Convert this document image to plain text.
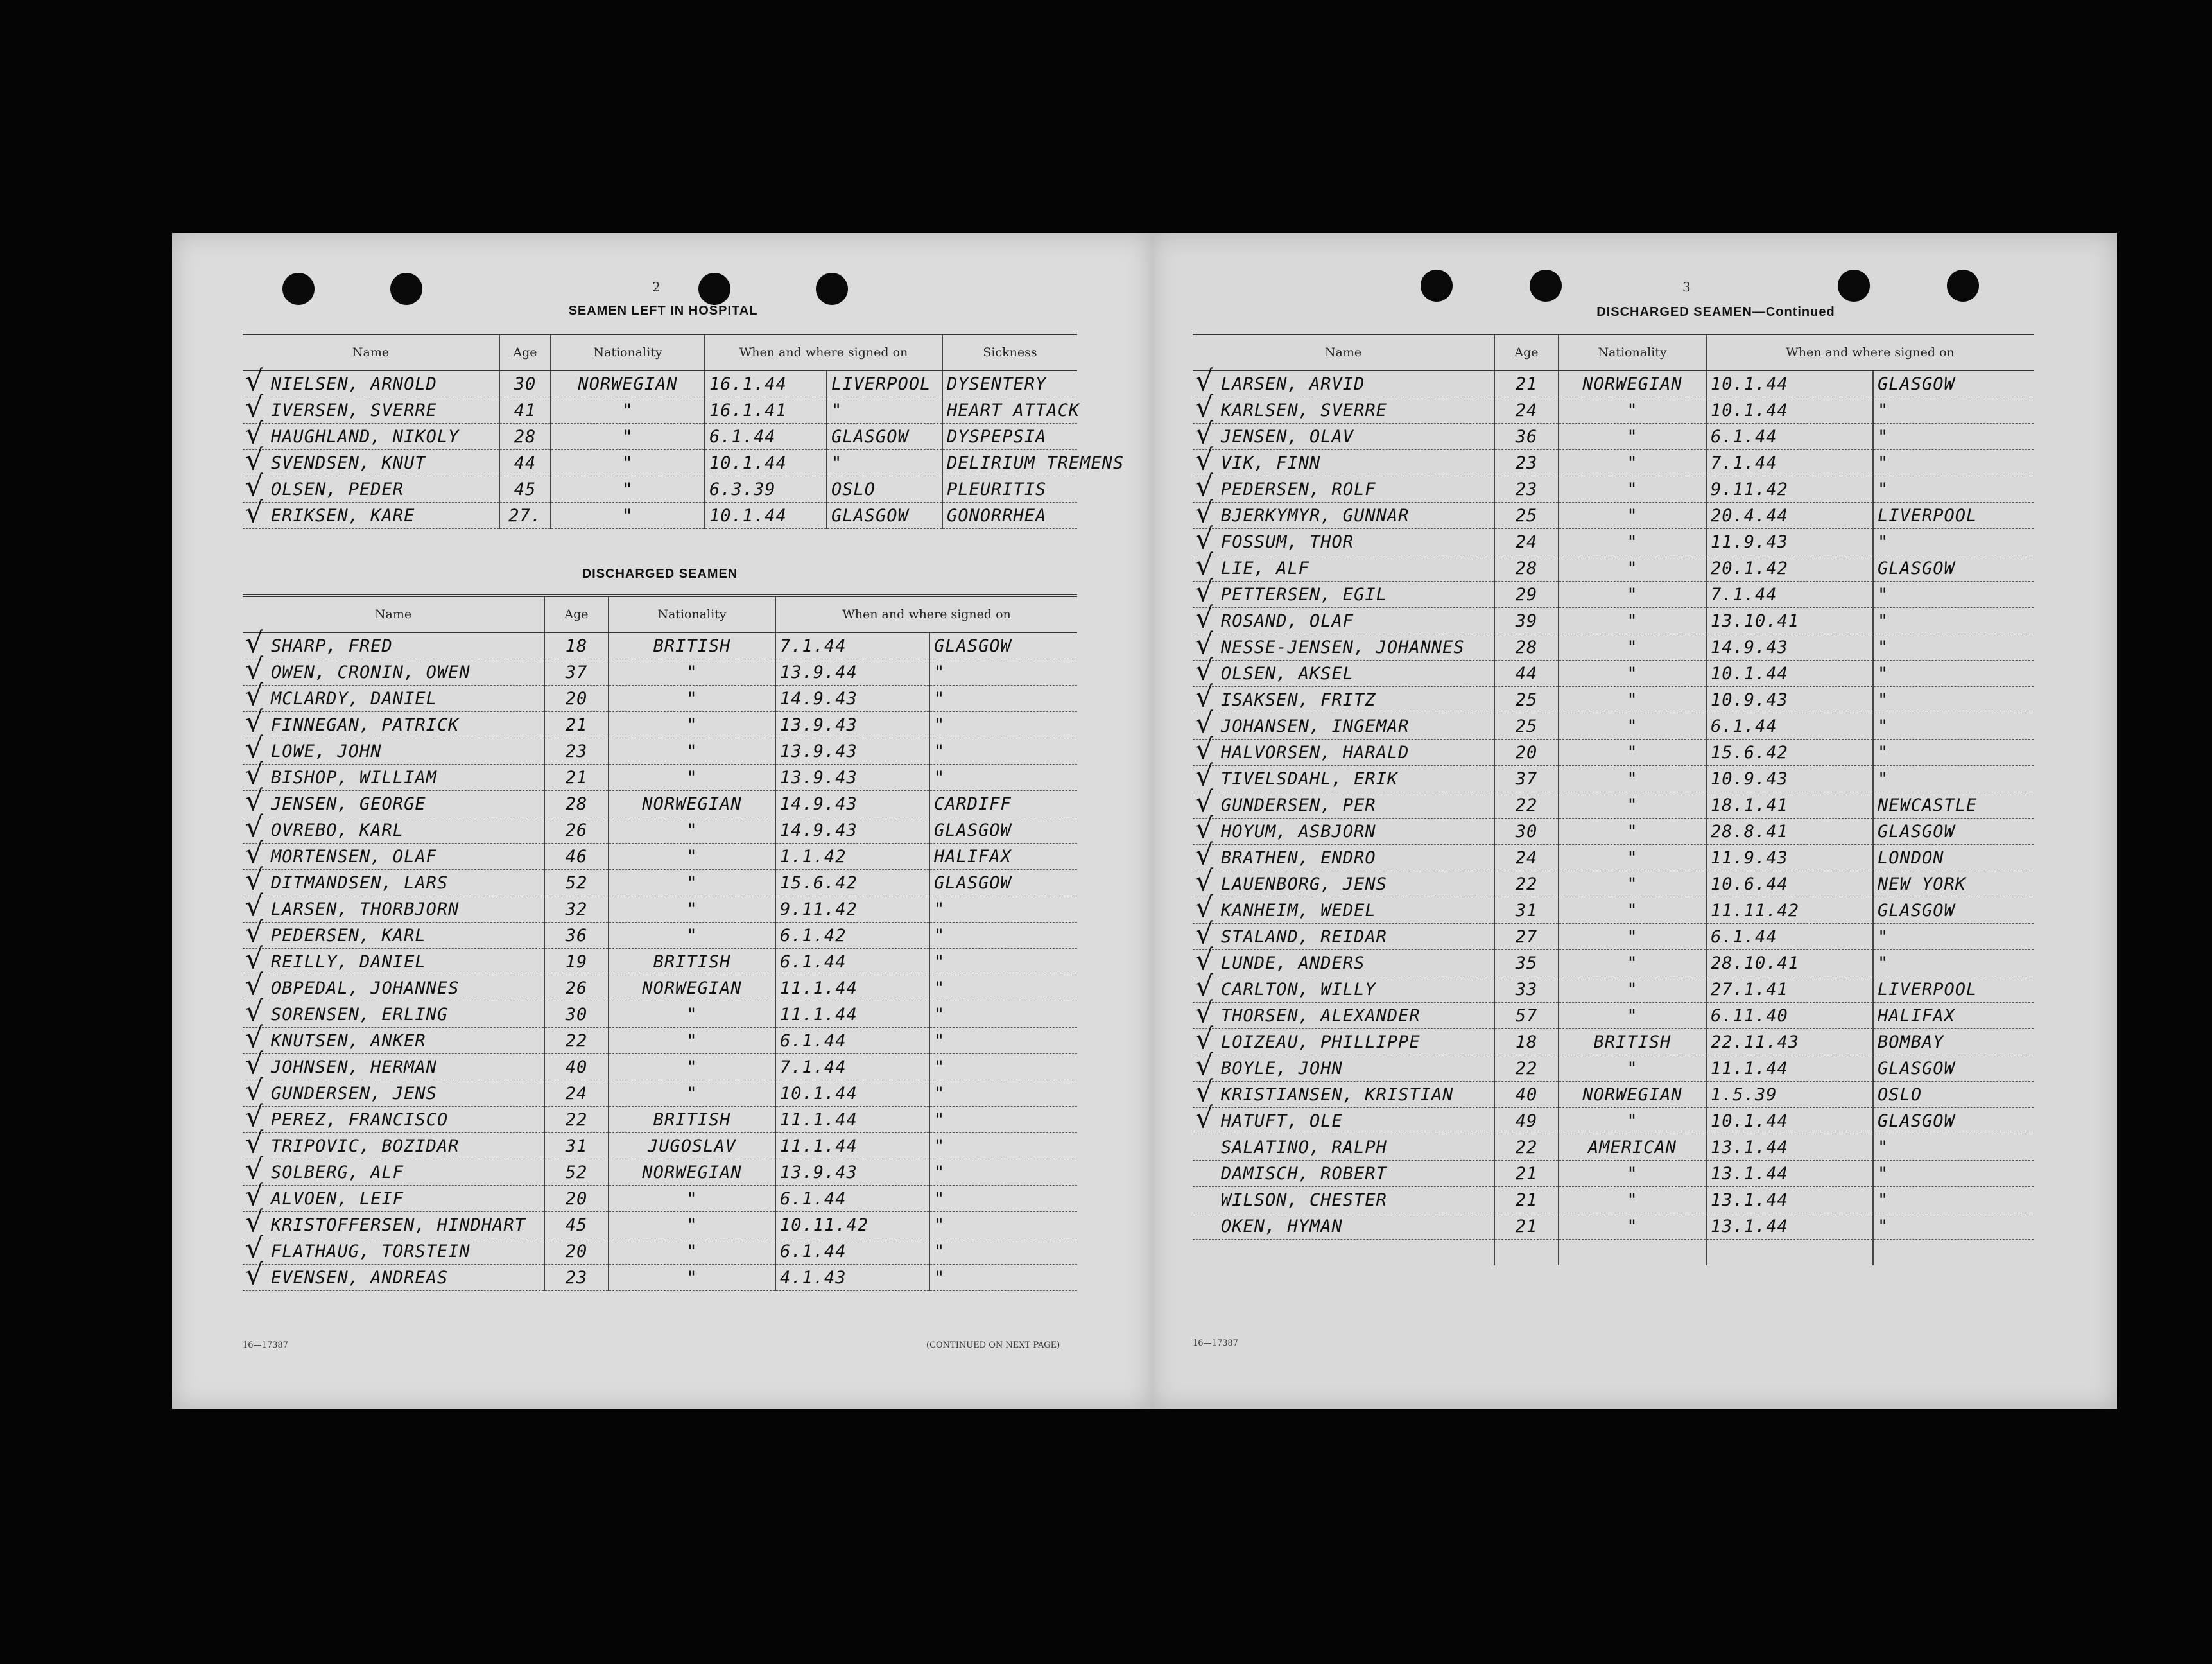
2
SEAMEN LEFT IN HOSPITAL
Name	Age	Nationality	When and where signed on		Sickness

√ NIELSEN, ARNOLD	30	NORWEGIAN	16.1.44	LIVERPOOL	DYSENTERY

√ IVERSEN, SVERRE	41	"	16.1.41	"	HEART ATTACK

√ HAUGHLAND, NIKOLY	28	"	6.1.44	GLASGOW	DYSPEPSIA

√ SVENDSEN, KNUT	44	"	10.1.44	"	DELIRIUM TREMENS

√ OLSEN, PEDER	45	"	6.3.39	OSLO	PLEURITIS

√ ERIKSEN, KARE	27.	"	10.1.44	GLASGOW	GONORRHEA
DISCHARGED SEAMEN
Name	Age	Nationality	When and where signed on	

√ SHARP, FRED	18	BRITISH	7.1.44	GLASGOW

√ OWEN, CRONIN, OWEN	37	"	13.9.44	"

√ MCLARDY, DANIEL	20	"	14.9.43	"

√ FINNEGAN, PATRICK	21	"	13.9.43	"

√ LOWE, JOHN	23	"	13.9.43	"

√ BISHOP, WILLIAM	21	"	13.9.43	"

√ JENSEN, GEORGE	28	NORWEGIAN	14.9.43	CARDIFF

√ OVREBO, KARL	26	"	14.9.43	GLASGOW

√ MORTENSEN, OLAF	46	"	1.1.42	HALIFAX

√ DITMANDSEN, LARS	52	"	15.6.42	GLASGOW

√ LARSEN, THORBJORN	32	"	9.11.42	"

√ PEDERSEN, KARL	36	"	6.1.42	"

√ REILLY, DANIEL	19	BRITISH	6.1.44	"

√ OBPEDAL, JOHANNES	26	NORWEGIAN	11.1.44	"

√ SORENSEN, ERLING	30	"	11.1.44	"

√ KNUTSEN, ANKER	22	"	6.1.44	"

√ JOHNSEN, HERMAN	40	"	7.1.44	"

√ GUNDERSEN, JENS	24	"	10.1.44	"

√ PEREZ, FRANCISCO	22	BRITISH	11.1.44	"

√ TRIPOVIC, BOZIDAR	31	JUGOSLAV	11.1.44	"

√ SOLBERG, ALF	52	NORWEGIAN	13.9.43	"

√ ALVOEN, LEIF	20	"	6.1.44	"

√ KRISTOFFERSEN, HINDHART	45	"	10.11.42	"

√ FLATHAUG, TORSTEIN	20	"	6.1.44	"

√ EVENSEN, ANDREAS	23	"	4.1.43	"
16—17387	(CONTINUED ON NEXT PAGE)
3
DISCHARGED SEAMEN—Continued
Name	Age	Nationality	When and where signed on	

√ LARSEN, ARVID	21	NORWEGIAN	10.1.44	GLASGOW

√ KARLSEN, SVERRE	24	"	10.1.44	"

√ JENSEN, OLAV	36	"	6.1.44	"

√ VIK, FINN	23	"	7.1.44	"

√ PEDERSEN, ROLF	23	"	9.11.42	"

√ BJERKYMYR, GUNNAR	25	"	20.4.44	LIVERPOOL

√ FOSSUM, THOR	24	"	11.9.43	"

√ LIE, ALF	28	"	20.1.42	GLASGOW

√ PETTERSEN, EGIL	29	"	7.1.44	"

√ ROSAND, OLAF	39	"	13.10.41	"

√ NESSE-JENSEN, JOHANNES	28	"	14.9.43	"

√ OLSEN, AKSEL	44	"	10.1.44	"

√ ISAKSEN, FRITZ	25	"	10.9.43	"

√ JOHANSEN, INGEMAR	25	"	6.1.44	"

√ HALVORSEN, HARALD	20	"	15.6.42	"

√ TIVELSDAHL, ERIK	37	"	10.9.43	"

√ GUNDERSEN, PER	22	"	18.1.41	NEWCASTLE

√ HOYUM, ASBJORN	30	"	28.8.41	GLASGOW

√ BRATHEN, ENDRO	24	"	11.9.43	LONDON

√ LAUENBORG, JENS	22	"	10.6.44	NEW YORK

√ KANHEIM, WEDEL	31	"	11.11.42	GLASGOW

√ STALAND, REIDAR	27	"	6.1.44	"

√ LUNDE, ANDERS	35	"	28.10.41	"

√ CARLTON, WILLY	33	"	27.1.41	LIVERPOOL

√ THORSEN, ALEXANDER	57	"	6.11.40	HALIFAX

√ LOIZEAU, PHILLIPPE	18	BRITISH	22.11.43	BOMBAY

√ BOYLE, JOHN	22	"	11.1.44	GLASGOW

√ KRISTIANSEN, KRISTIAN	40	NORWEGIAN	1.5.39	OSLO

√ HATUFT, OLE	49	"	10.1.44	GLASGOW
SALATINO, RALPH	22	AMERICAN	13.1.44	"
DAMISCH, ROBERT	21	"	13.1.44	"
WILSON, CHESTER	21	"	13.1.44	"
OKEN, HYMAN	21	"	13.1.44	"

16—17387
